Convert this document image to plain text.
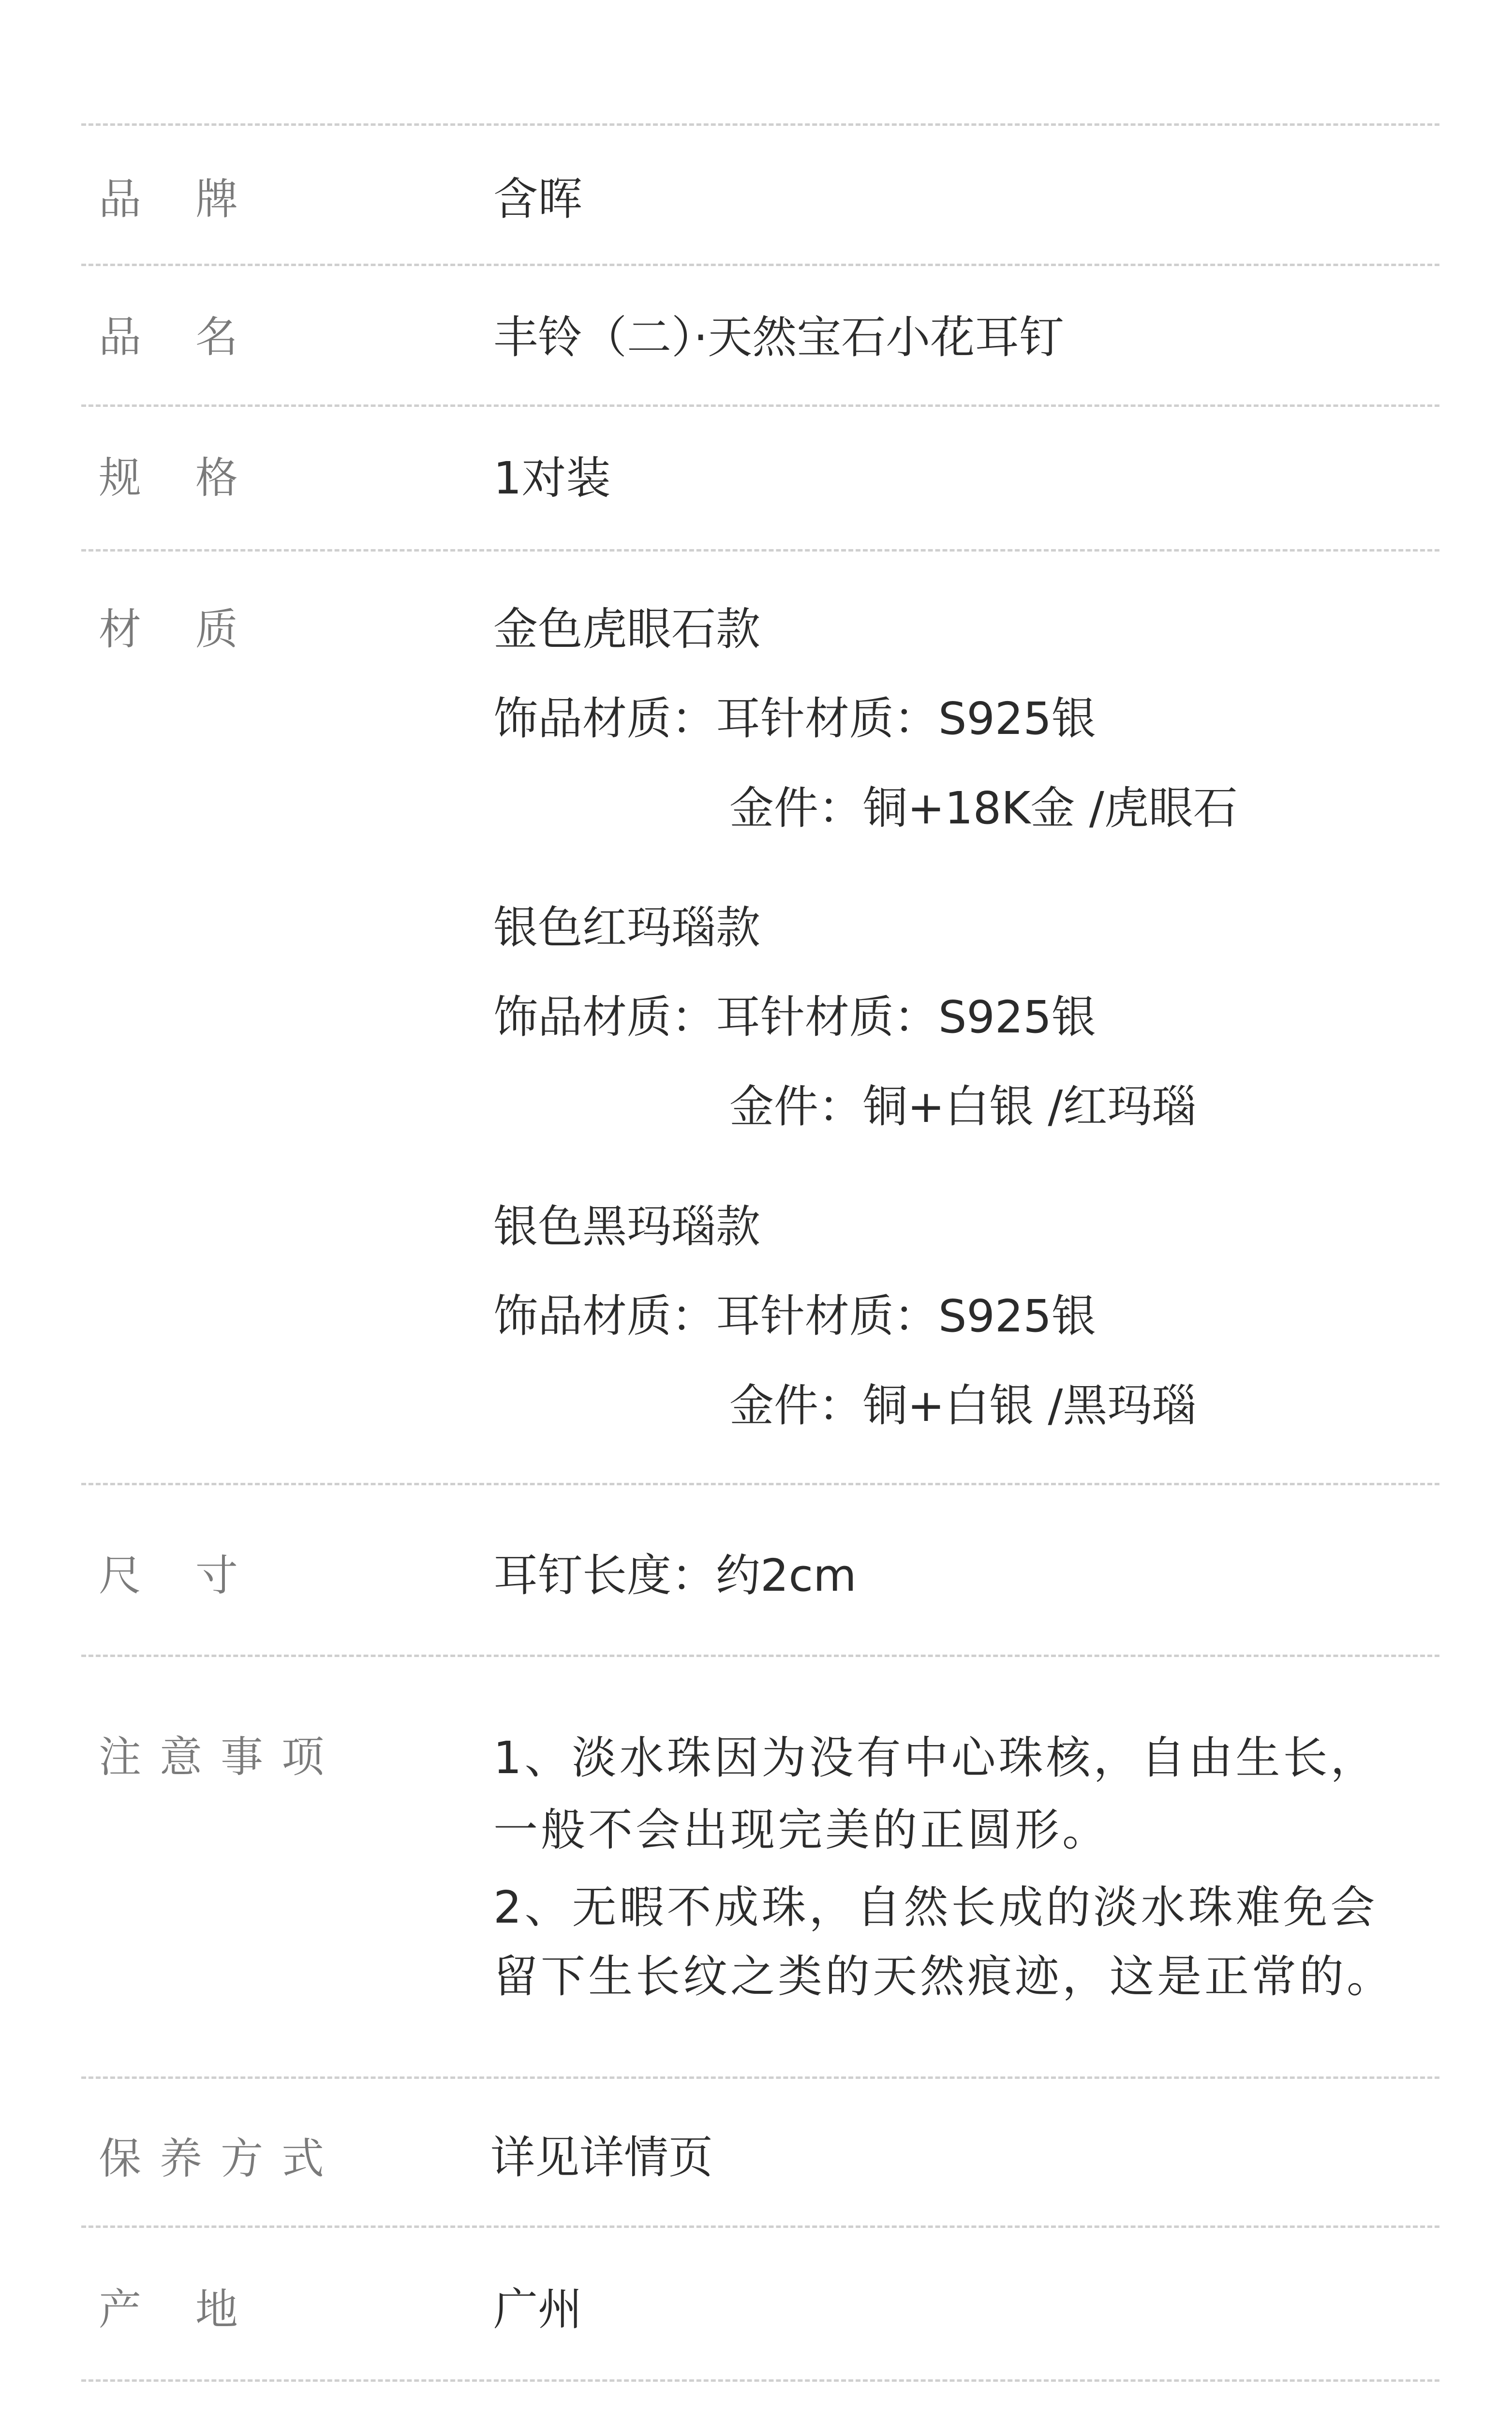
品    牌	含晖
品    名	丰铃（二）·天然宝石小花耳钉
规    格	1对装
材    质	金色虎眼石款
饰品材质：耳针材质：S925银
金件：铜+18K金 /虎眼石
银色红玛瑙款
饰品材质：耳针材质：S925银
金件：铜+白银 /红玛瑙
银色黑玛瑙款
饰品材质：耳针材质：S925银
金件：铜+白银 /黑玛瑙
尺    寸	耳钉长度：约2cm
注意事项	1、淡水珠因为没有中心珠核，自由生长，
一般不会出现完美的正圆形。
2、无暇不成珠，自然长成的淡水珠难免会
留下生长纹之类的天然痕迹，这是正常的。
保养方式	详见详情页
产    地	广州
